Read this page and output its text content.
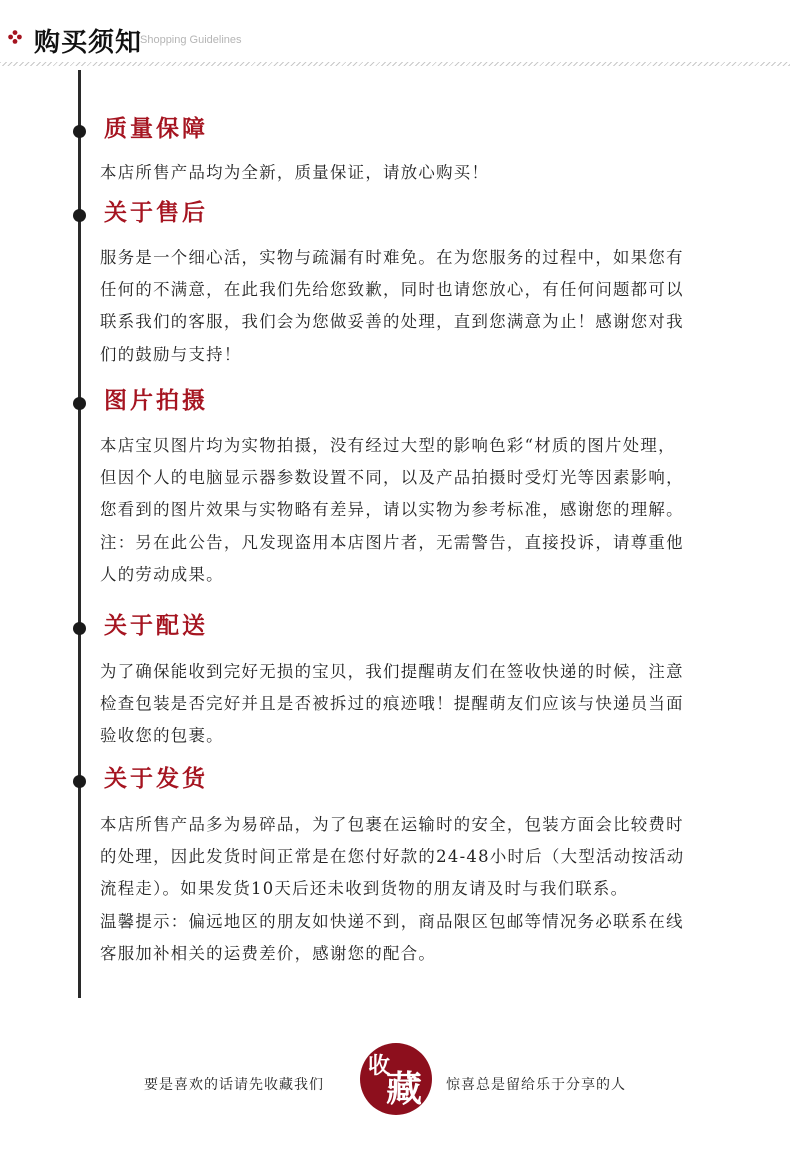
购买须知
Shopping Guidelines
质量保障
本店所售产品均为全新，质量保证，请放心购买！
关于售后
服务是一个细心活，实物与疏漏有时难免。在为您服务的过程中，如果您有
任何的不满意，在此我们先给您致歉，同时也请您放心，有任何问题都可以
联系我们的客服，我们会为您做妥善的处理，直到您满意为止！感谢您对我
们的鼓励与支持！
图片拍摄
本店宝贝图片均为实物拍摄，没有经过大型的影响色彩“材质的图片处理，
但因个人的电脑显示器参数设置不同，以及产品拍摄时受灯光等因素影响，
您看到的图片效果与实物略有差异，请以实物为参考标准，感谢您的理解。
注：另在此公告，凡发现盗用本店图片者，无需警告，直接投诉，请尊重他
人的劳动成果。
关于配送
为了确保能收到完好无损的宝贝，我们提醒萌友们在签收快递的时候，注意
检查包装是否完好并且是否被拆过的痕迹哦！提醒萌友们应该与快递员当面
验收您的包裹。
关于发货
本店所售产品多为易碎品，为了包裹在运输时的安全，包装方面会比较费时
的处理，因此发货时间正常是在您付好款的24-48小时后（大型活动按活动
流程走）。如果发货10天后还未收到货物的朋友请及时与我们联系。
温馨提示：偏远地区的朋友如快递不到，商品限区包邮等情况务必联系在线
客服加补相关的运费差价，感谢您的配合。
要是喜欢的话请先收藏我们
收
藏 惊喜总是留给乐于分享的人
